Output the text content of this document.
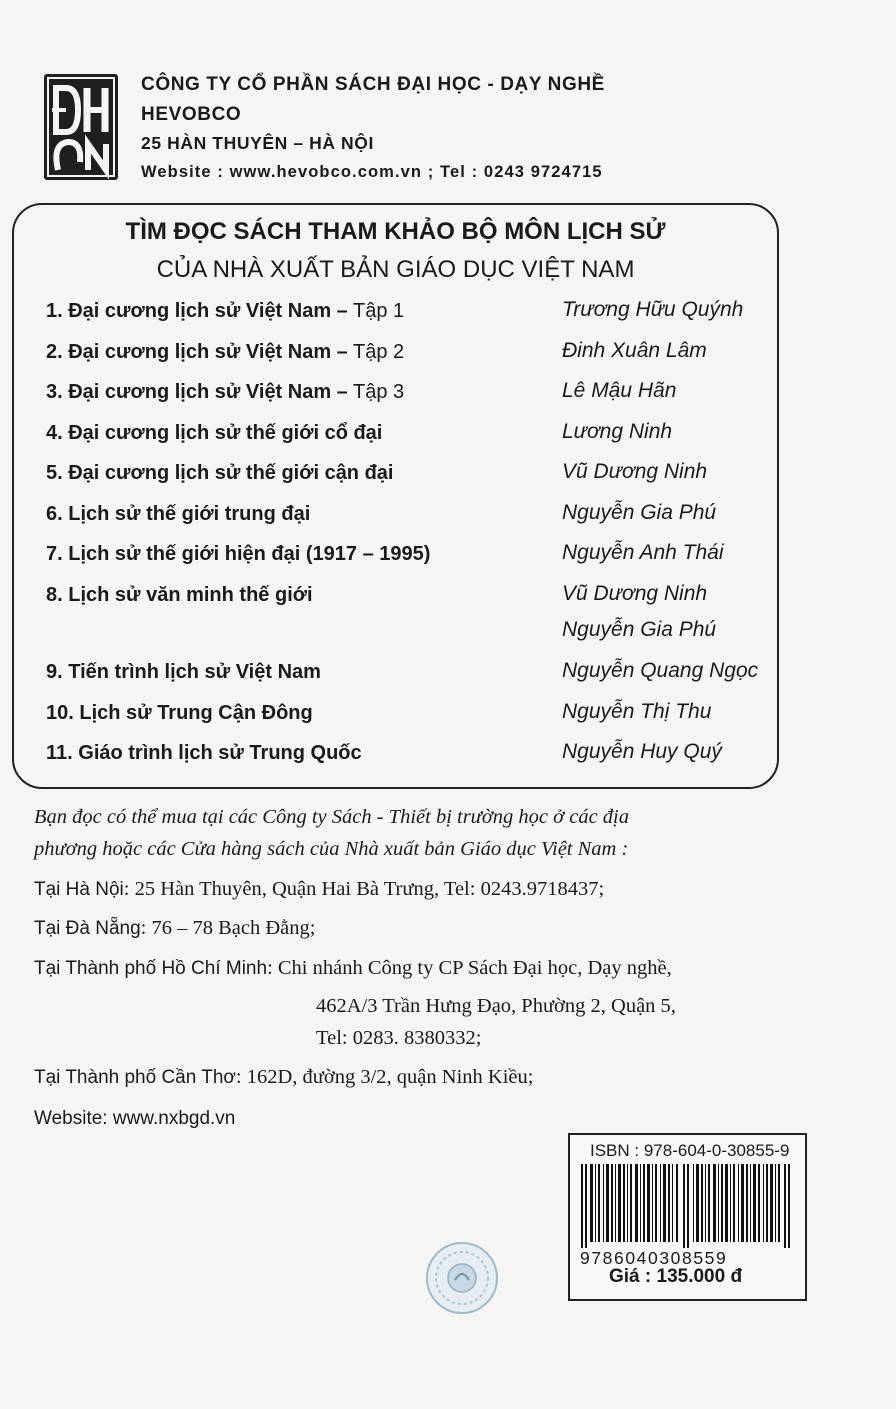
CÔNG TY CỔ PHẦN SÁCH ĐẠI HỌC - DẠY NGHỀ
HEVOBCO
25 HÀN THUYÊN – HÀ NỘI
Website : www.hevobco.com.vn ; Tel : 0243 9724715
TÌM ĐỌC SÁCH THAM KHẢO BỘ MÔN LỊCH SỬ
CỦA NHÀ XUẤT BẢN GIÁO DỤC VIỆT NAM
1. Đại cương lịch sử Việt Nam – Tập 1	Trương Hữu Quýnh
2. Đại cương lịch sử Việt Nam – Tập 2	Đinh Xuân Lâm
3. Đại cương lịch sử Việt Nam – Tập 3	Lê Mậu Hãn
4. Đại cương lịch sử thế giới cổ đại	Lương Ninh
5. Đại cương lịch sử thế giới cận đại	Vũ Dương Ninh
6. Lịch sử thế giới trung đại	Nguyễn Gia Phú
7. Lịch sử thế giới hiện đại (1917 – 1995)	Nguyễn Anh Thái
8. Lịch sử văn minh thế giới	Vũ Dương Ninh
Nguyễn Gia Phú
9. Tiến trình lịch sử Việt Nam	Nguyễn Quang Ngọc
10. Lịch sử Trung Cận Đông	Nguyễn Thị Thu
11. Giáo trình lịch sử Trung Quốc	Nguyễn Huy Quý
Bạn đọc có thể mua tại các Công ty Sách - Thiết bị trường học ở các địa
phương hoặc các Cửa hàng sách của Nhà xuất bản Giáo dục Việt Nam :
Tại Hà Nội: 25 Hàn Thuyên, Quận Hai Bà Trưng, Tel: 0243.9718437;
Tại Đà Nẵng: 76 – 78 Bạch Đằng;
Tại Thành phố Hồ Chí Minh: Chi nhánh Công ty CP Sách Đại học, Dạy nghề,
462A/3 Trần Hưng Đạo, Phường 2, Quận 5,
Tel: 0283. 8380332;
Tại Thành phố Cần Thơ: 162D, đường 3/2, quận Ninh Kiều;
Website: www.nxbgd.vn
ISBN : 978-604-0-30855-9
9786040308559
Giá : 135.000 đ
